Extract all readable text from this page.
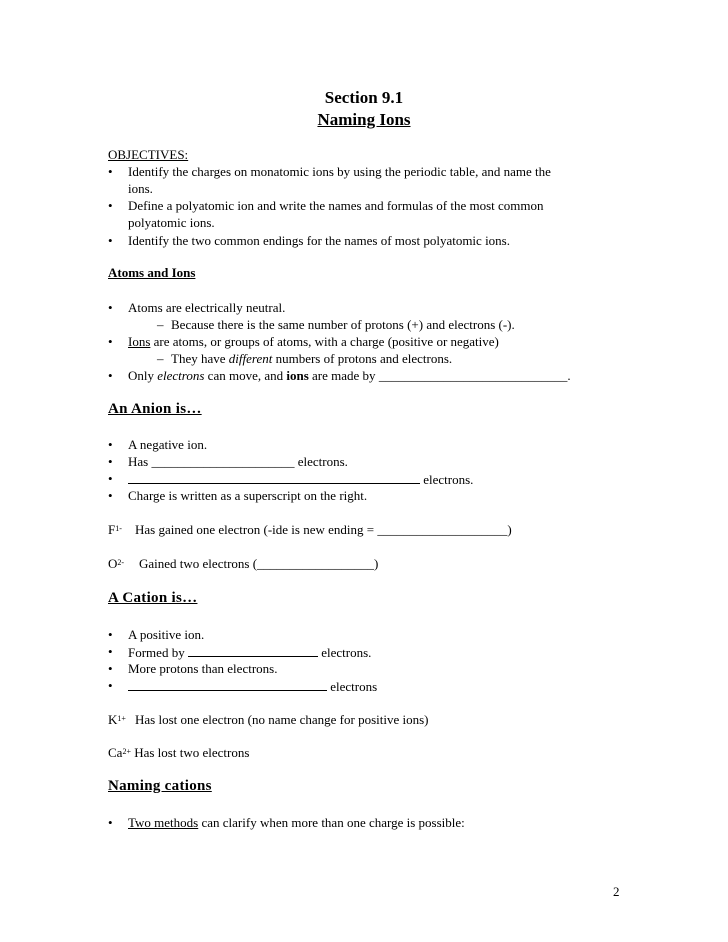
Section 9.1
Naming Ions
OBJECTIVES:
• Identify the charges on monatomic ions by using the periodic table, and name the
ions.
• Define a polyatomic ion and write the names and formulas of the most common
polyatomic ions.
• Identify the two common endings for the names of most polyatomic ions.
Atoms and Ions
• Atoms are electrically neutral.
– Because there is the same number of protons (+) and electrons (-).
• Ions are atoms, or groups of atoms, with a charge (positive or negative)
– They have different numbers of protons and electrons.
• Only electrons can move, and ions are made by _____________________________.
An Anion is…
• A negative ion.
• Has ______________________ electrons.
•	electrons.
• Charge is written as a superscript on the right.
$F^{1-}$ Has gained one electron (-ide is new ending = ____________________)
$O^{2-}$ Gained two electrons (__________________)
A Cation is…
• A positive ion.
• Formed by	electrons.
• More protons than electrons.
•	electrons
$K^{1+}$ Has lost one electron (no name change for positive ions)
$Ca^{2+}$ Has lost two electrons
Naming cations
• Two methods can clarify when more than one charge is possible:
2
